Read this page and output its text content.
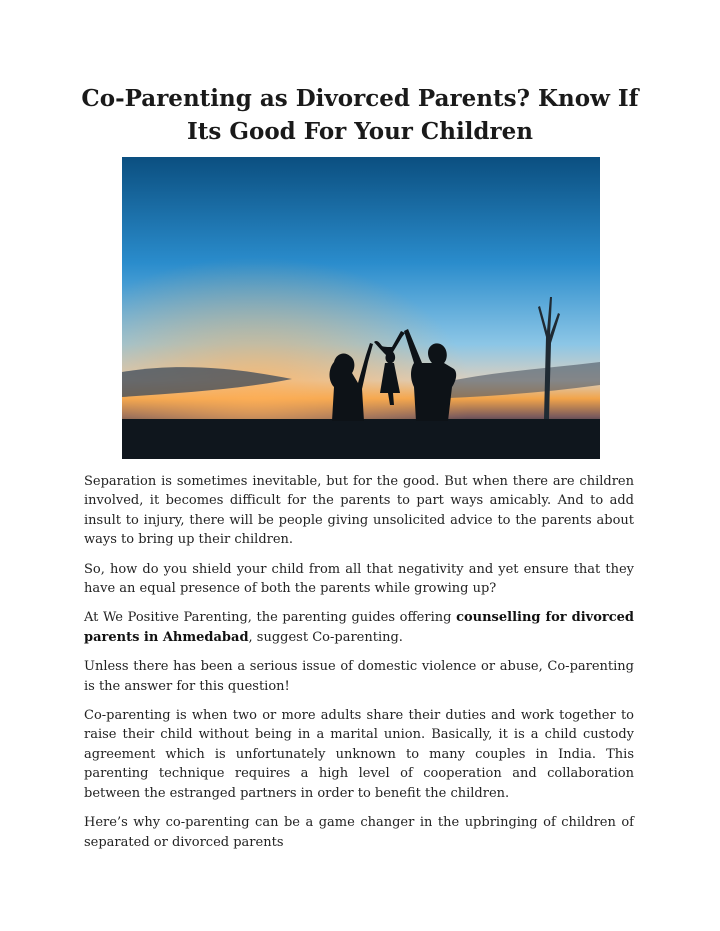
Co-Parenting as Divorced Parents? Know If
Its Good For Your Children

Separation is sometimes inevitable, but for the good. But when there are children involved, it becomes difficult for the parents to part ways amicably. And to add insult to injury, there will be people giving unsolicited advice to the parents about ways to bring up their children.

So, how do you shield your child from all that negativity and yet ensure that they have an equal presence of both the parents while growing up?

At We Positive Parenting, the parenting guides offering counselling for divorced parents in Ahmedabad, suggest Co-parenting.

Unless there has been a serious issue of domestic violence or abuse, Co-parenting is the answer for this question!

Co-parenting is when two or more adults share their duties and work together to raise their child without being in a marital union. Basically, it is a child custody agreement which is unfortunately unknown to many couples in India. This parenting technique requires a high level of cooperation and collaboration between the estranged partners in order to benefit the children.

Here’s why co-parenting can be a game changer in the upbringing of children of separated or divorced parents
